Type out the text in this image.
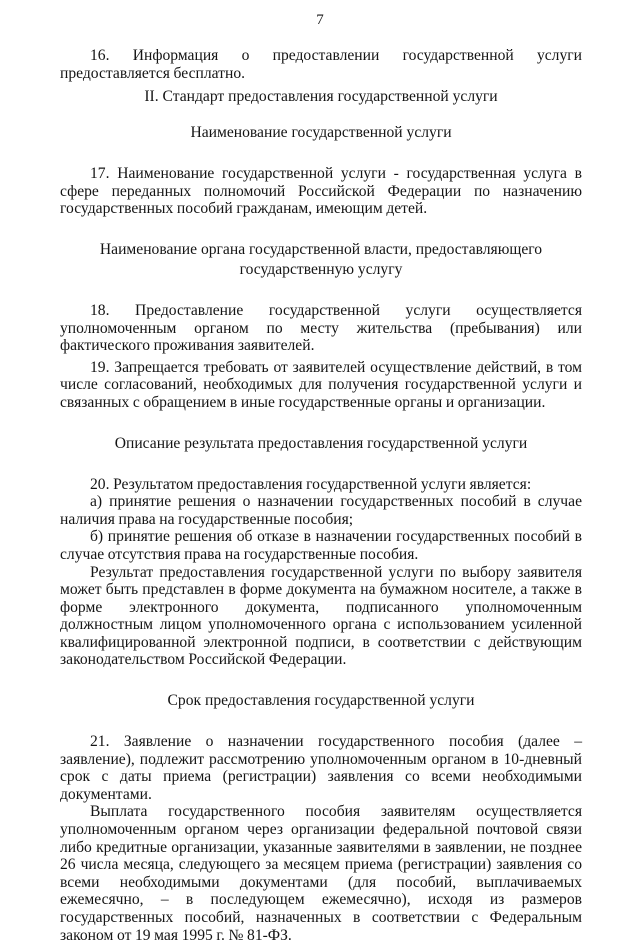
7

16. Информация о предоставлении государственной услуги предоставляется бесплатно.

II. Стандарт предоставления государственной услуги

Наименование государственной услуги

17. Наименование государственной услуги - государственная услуга в сфере переданных полномочий Российской Федерации по назначению государственных пособий гражданам, имеющим детей.

Наименование органа государственной власти, предоставляющего государственную услугу

18. Предоставление государственной услуги осуществляется уполномоченным органом по месту жительства (пребывания) или фактического проживания заявителей.

19. Запрещается требовать от заявителей осуществление действий, в том числе согласований, необходимых для получения государственной услуги и связанных с обращением в иные государственные органы и организации.

Описание результата предоставления государственной услуги

20. Результатом предоставления государственной услуги является:

а) принятие решения о назначении государственных пособий в случае наличия права на государственные пособия;

б) принятие решения об отказе в назначении государственных пособий в случае отсутствия права на государственные пособия.

Результат предоставления государственной услуги по выбору заявителя может быть представлен в форме документа на бумажном носителе, а также в форме электронного документа, подписанного уполномоченным должностным лицом уполномоченного органа с использованием усиленной квалифицированной электронной подписи, в соответствии с действующим законодательством Российской Федерации.

Срок предоставления государственной услуги

21. Заявление о назначении государственного пособия (далее – заявление), подлежит рассмотрению уполномоченным органом в 10-дневный срок с даты приема (регистрации) заявления со всеми необходимыми документами.

Выплата государственного пособия заявителям осуществляется уполномоченным органом через организации федеральной почтовой связи либо кредитные организации, указанные заявителями в заявлении, не позднее 26 числа месяца, следующего за месяцем приема (регистрации) заявления со всеми необходимыми документами (для пособий, выплачиваемых ежемесячно, – в последующем ежемесячно), исходя из размеров государственных пособий, назначенных в соответствии с Федеральным законом от 19 мая 1995 г. № 81-ФЗ.
